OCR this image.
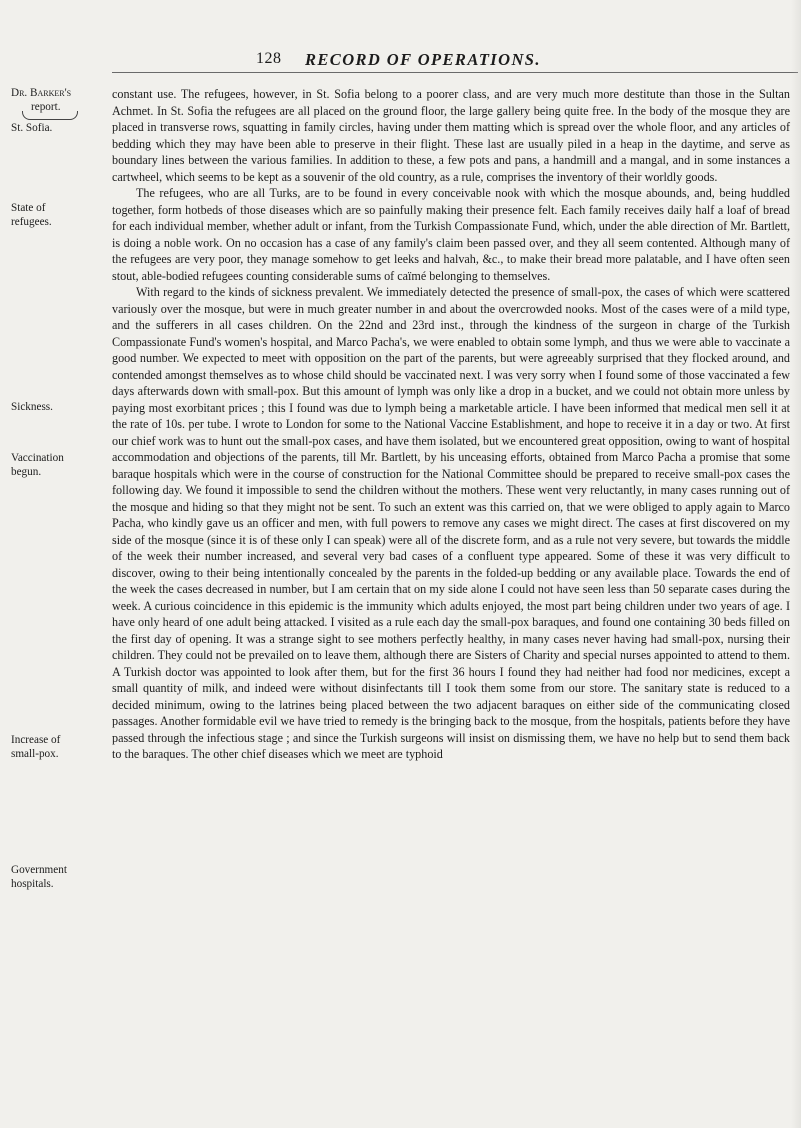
128 RECORD OF OPERATIONS.
Dr. Barker's
report.
St. Sofia.
State of
refugees.
Sickness.
Vaccination
begun.
Increase of
small-pox.
Government
hospitals.

constant use. The refugees, however, in St. Sofia belong to a poorer class, and are very much more destitute than those in the Sultan Achmet. In St. Sofia the refugees are all placed on the ground floor, the large gallery being quite free. In the body of the mosque they are placed in transverse rows, squatting in family circles, having under them matting which is spread over the whole floor, and any articles of bedding which they may have been able to preserve in their flight. These last are usually piled in a heap in the daytime, and serve as boundary lines between the various families. In addition to these, a few pots and pans, a handmill and a mangal, and in some instances a cartwheel, which seems to be kept as a souvenir of the old country, as a rule, comprises the inventory of their worldly goods.

The refugees, who are all Turks, are to be found in every conceivable nook with which the mosque abounds, and, being huddled together, form hotbeds of those diseases which are so painfully making their presence felt. Each family receives daily half a loaf of bread for each individual member, whether adult or infant, from the Turkish Compassionate Fund, which, under the able direction of Mr. Bartlett, is doing a noble work. On no occasion has a case of any family's claim been passed over, and they all seem contented. Although many of the refugees are very poor, they manage somehow to get leeks and halvah, &c., to make their bread more palatable, and I have often seen stout, able-bodied refugees counting considerable sums of caïmé belonging to themselves.

With regard to the kinds of sickness prevalent. We immediately detected the presence of small-pox, the cases of which were scattered variously over the mosque, but were in much greater number in and about the overcrowded nooks. Most of the cases were of a mild type, and the sufferers in all cases children. On the 22nd and 23rd inst., through the kindness of the surgeon in charge of the Turkish Compassionate Fund's women's hospital, and Marco Pacha's, we were enabled to obtain some lymph, and thus we were able to vaccinate a good number. We expected to meet with opposition on the part of the parents, but were agreeably surprised that they flocked around, and contended amongst themselves as to whose child should be vaccinated next. I was very sorry when I found some of those vaccinated a few days afterwards down with small-pox. But this amount of lymph was only like a drop in a bucket, and we could not obtain more unless by paying most exorbitant prices ; this I found was due to lymph being a marketable article. I have been informed that medical men sell it at the rate of 10s. per tube. I wrote to London for some to the National Vaccine Establishment, and hope to receive it in a day or two. At first our chief work was to hunt out the small-pox cases, and have them isolated, but we encountered great opposition, owing to want of hospital accommodation and objections of the parents, till Mr. Bartlett, by his unceasing efforts, obtained from Marco Pacha a promise that some baraque hospitals which were in the course of construction for the National Committee should be prepared to receive small-pox cases the following day. We found it impossible to send the children without the mothers. These went very reluctantly, in many cases running out of the mosque and hiding so that they might not be sent. To such an extent was this carried on, that we were obliged to apply again to Marco Pacha, who kindly gave us an officer and men, with full powers to remove any cases we might direct. The cases at first discovered on my side of the mosque (since it is of these only I can speak) were all of the discrete form, and as a rule not very severe, but towards the middle of the week their number increased, and several very bad cases of a confluent type appeared. Some of these it was very difficult to discover, owing to their being intentionally concealed by the parents in the folded-up bedding or any available place. Towards the end of the week the cases decreased in number, but I am certain that on my side alone I could not have seen less than 50 separate cases during the week. A curious coincidence in this epidemic is the immunity which adults enjoyed, the most part being children under two years of age. I have only heard of one adult being attacked. I visited as a rule each day the small-pox baraques, and found one containing 30 beds filled on the first day of opening. It was a strange sight to see mothers perfectly healthy, in many cases never having had small-pox, nursing their children. They could not be prevailed on to leave them, although there are Sisters of Charity and special nurses appointed to attend to them. A Turkish doctor was appointed to look after them, but for the first 36 hours I found they had neither had food nor medicines, except a small quantity of milk, and indeed were without disinfectants till I took them some from our store. The sanitary state is reduced to a decided minimum, owing to the latrines being placed between the two adjacent baraques on either side of the communicating closed passages. Another formidable evil we have tried to remedy is the bringing back to the mosque, from the hospitals, patients before they have passed through the infectious stage ; and since the Turkish surgeons will insist on dismissing them, we have no help but to send them back to the baraques. The other chief diseases which we meet are typhoid
